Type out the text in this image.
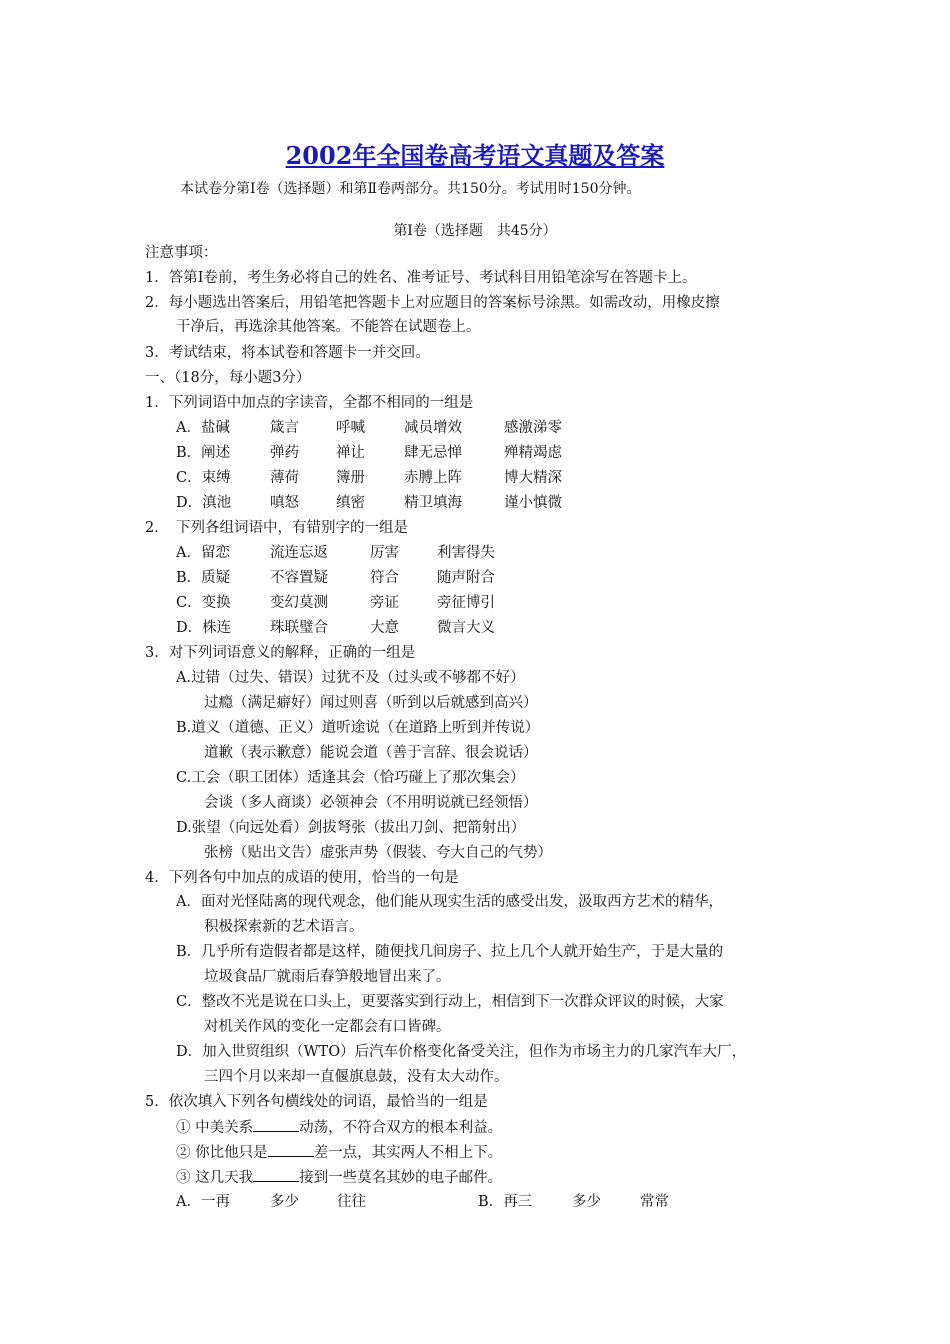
2002年全国卷高考语文真题及答案
本试卷分第Ⅰ卷（选择题）和第Ⅱ卷两部分。共150分。考试用时150分钟。
第Ⅰ卷（选择题　共45分）
注意事项：
1．答第Ⅰ卷前，考生务必将自己的姓名、准考证号、考试科目用铅笔涂写在答题卡上。
2．每小题选出答案后，用铅笔把答题卡上对应题目的答案标号涂黑。如需改动，用橡皮擦
干净后，再选涂其他答案。不能答在试题卷上。
3．考试结束，将本试卷和答题卡一并交回。
一、（18分，每小题3分）
1．下列词语中加点的字读音，全都不相同的一组是
A．盐碱	箴言	呼喊	减员增效	感激涕零
B．阐述	弹药	禅让	肆无忌惮	殚精竭虑
C．束缚	薄荷	簿册	赤膊上阵	博大精深
D．滇池	嗔怒	缜密	精卫填海	谨小慎微
2．　下列各组词语中，有错别字的一组是
A．留恋	流连忘返	厉害	利害得失
B．质疑	不容置疑	符合	随声附合
C．变换	变幻莫测	旁证	旁征博引
D．株连	珠联璧合	大意	微言大义
3．对下列词语意义的解释，正确的一组是
A.过错（过失、错误）过犹不及（过头或不够都不好）
过瘾（满足癖好）闻过则喜（听到以后就感到高兴）
B.道义（道德、正义）道听途说（在道路上听到并传说）
道歉（表示歉意）能说会道（善于言辞、很会说话）
C.工会（职工团体）适逢其会（恰巧碰上了那次集会）
会谈（多人商谈）必领神会（不用明说就已经领悟）
D.张望（向远处看）剑拔弩张（拔出刀剑、把箭射出）
张榜（贴出文告）虚张声势（假装、夸大自己的气势）
4．下列各句中加点的成语的使用，恰当的一句是
A．面对光怪陆离的现代观念，他们能从现实生活的感受出发，汲取西方艺术的精华，
积极探索新的艺术语言。
B．几乎所有造假者都是这样，随便找几间房子、拉上几个人就开始生产，于是大量的
垃圾食品厂就雨后春笋般地冒出来了。
C．整改不光是说在口头上，更要落实到行动上，相信到下一次群众评议的时候，大家
对机关作风的变化一定都会有口皆碑。
D．加入世贸组织（WTO）后汽车价格变化备受关注，但作为市场主力的几家汽车大厂，
三四个月以来却一直偃旗息鼓，没有太大动作。
5．依次填入下列各句横线处的词语，最恰当的一组是
① 中美关系	动荡，不符合双方的根本利益。
② 你比他只是	差一点，其实两人不相上下。
③ 这几天我	接到一些莫名其妙的电子邮件。
A．一再	多少	往往	B．再三	多少	常常
